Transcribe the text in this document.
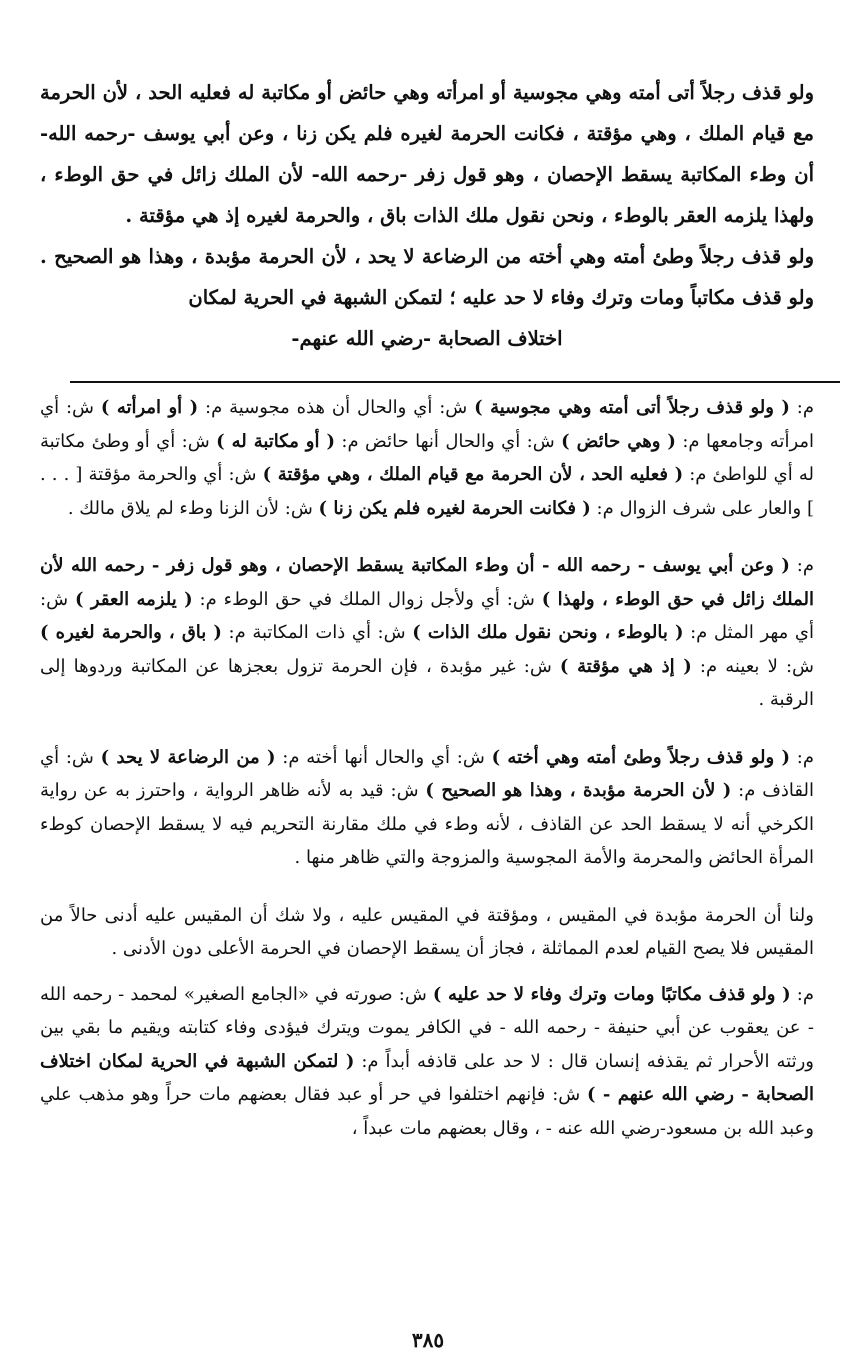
ولو قذف رجلاً أتى أمته وهي مجوسية أو امرأته وهي حائض أو مكاتبة له فعليه الحد ، لأن الحرمة مع قيام الملك ، وهي مؤقتة ، فكانت الحرمة لغيره فلم يكن زنا ، وعن أبي يوسف -رحمه الله- أن وطء المكاتبة يسقط الإحصان ، وهو قول زفر -رحمه الله- لأن الملك زائل في حق الوطء ، ولهذا يلزمه العقر بالوطء ، ونحن نقول ملك الذات باق ، والحرمة لغيره إذ هي مؤقتة .

ولو قذف رجلاً وطئ أمته وهي أخته من الرضاعة لا يحد ، لأن الحرمة مؤبدة ، وهذا هو الصحيح . ولو قذف مكاتباً ومات وترك وفاء لا حد عليه ؛ لتمكن الشبهة في الحرية لمكان

اختلاف الصحابة -رضي الله عنهم-

م: ( ولو قذف رجلاً أتى أمته وهي مجوسية ) ش: أي والحال أن هذه مجوسية م: ( أو امرأته ) ش: أي امرأته وجامعها م: ( وهي حائض ) ش: أي والحال أنها حائض م: ( أو مكاتبة له ) ش: أي أو وطئ مكاتبة له أي للواطئ م: ( فعليه الحد ، لأن الحرمة مع قيام الملك ، وهي مؤقتة ) ش: أي والحرمة مؤقتة [ . . . ] والعار على شرف الزوال م: ( فكانت الحرمة لغيره فلم يكن زنا ) ش: لأن الزنا وطء لم يلاق مالك .

م: ( وعن أبي يوسف - رحمه الله - أن وطء المكاتبة يسقط الإحصان ، وهو قول زفر - رحمه الله لأن الملك زائل في حق الوطء ، ولهذا ) ش: أي ولأجل زوال الملك في حق الوطء م: ( يلزمه العقر ) ش: أي مهر المثل م: ( بالوطء ، ونحن نقول ملك الذات ) ش: أي ذات المكاتبة م: ( باق ، والحرمة لغيره ) ش: لا بعينه م: ( إذ هي مؤقتة ) ش: غير مؤبدة ، فإن الحرمة تزول بعجزها عن المكاتبة وردوها إلى الرقبة .

م: ( ولو قذف رجلاً وطئ أمته وهي أخته ) ش: أي والحال أنها أخته م: ( من الرضاعة لا يحد ) ش: أي القاذف م: ( لأن الحرمة مؤبدة ، وهذا هو الصحيح ) ش: قيد به لأنه ظاهر الرواية ، واحترز به عن رواية الكرخي أنه لا يسقط الحد عن القاذف ، لأنه وطء في ملك مقارنة التحريم فيه لا يسقط الإحصان كوطء المرأة الحائض والمحرمة والأمة المجوسية والمزوجة والتي ظاهر منها .

ولنا أن الحرمة مؤبدة في المقيس ، ومؤقتة في المقيس عليه ، ولا شك أن المقيس عليه أدنى حالاً من المقيس فلا يصح القيام لعدم المماثلة ، فجاز أن يسقط الإحصان في الحرمة الأعلى دون الأدنى .

م: ( ولو قذف مكاتبًا ومات وترك وفاء لا حد عليه ) ش: صورته في «الجامع الصغير» لمحمد - رحمه الله - عن يعقوب عن أبي حنيفة - رحمه الله - في الكافر يموت ويترك فيؤدى وفاء كتابته ويقيم ما بقي بين ورثته الأحرار ثم يقذفه إنسان قال : لا حد على قاذفه أبداً م: ( لتمكن الشبهة في الحرية لمكان اختلاف الصحابة - رضي الله عنهم - ) ش: فإنهم اختلفوا في حر أو عبد فقال بعضهم مات حراً وهو مذهب علي وعبد الله بن مسعود-رضي الله عنه - ، وقال بعضهم مات عبداً ،

٣٨٥
